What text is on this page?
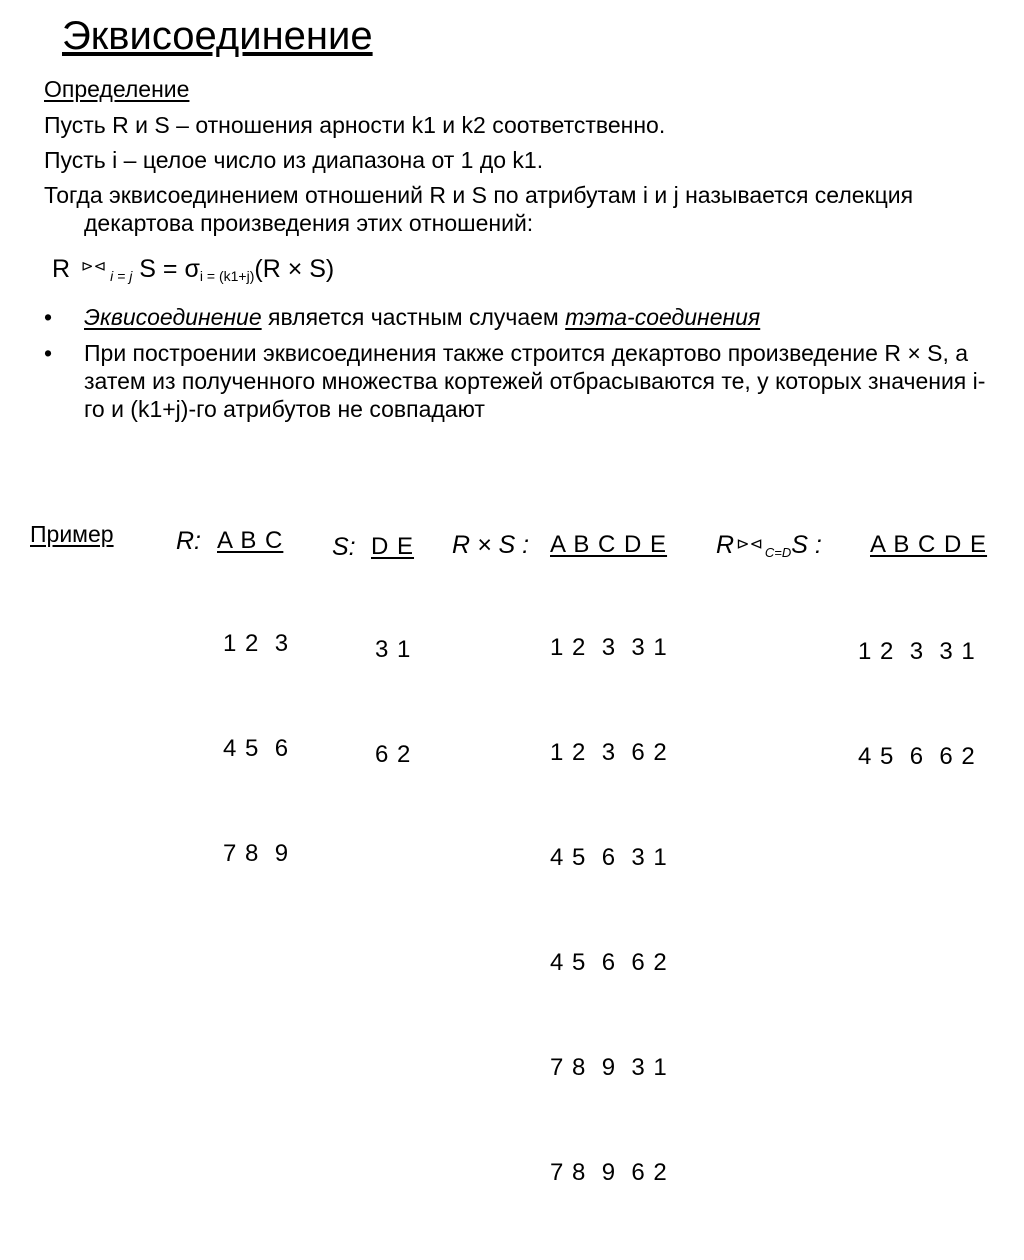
Эквисоединение
Определение
Пусть R и S – отношения арности k1 и k2 соответственно.
Пусть i – целое число из диапазона от 1 до k1.
Тогда эквисоединением отношений R и S по атрибутам i и j называется селекция декартова произведения этих отношений:
R ⊳⊲$_{i = j}$ $S = \sigma_{i = (k1+j)}(R \times S)$
• Эквисоединение является частным случаем тэта-соединения
• При построении эквисоединения также строится декартово произведение R × S, а затем из полученного множества кортежей отбрасываются те, у которых значения i-го и (k1+j)-го атрибутов не совпадают
Пример R: A B C

1 2  3

4 5  6

7 8  9

S: D E

3 1

6 2

R × S : A B C D E

1 2  3  3 1

1 2  3  6 2

4 5  6  3 1

4 5  6  6 2

7 8  9  3 1

7 8  9  6 2

R ⊳⊲ C=DS : A B C D E

1 2  3  3 1

4 5  6  6 2
